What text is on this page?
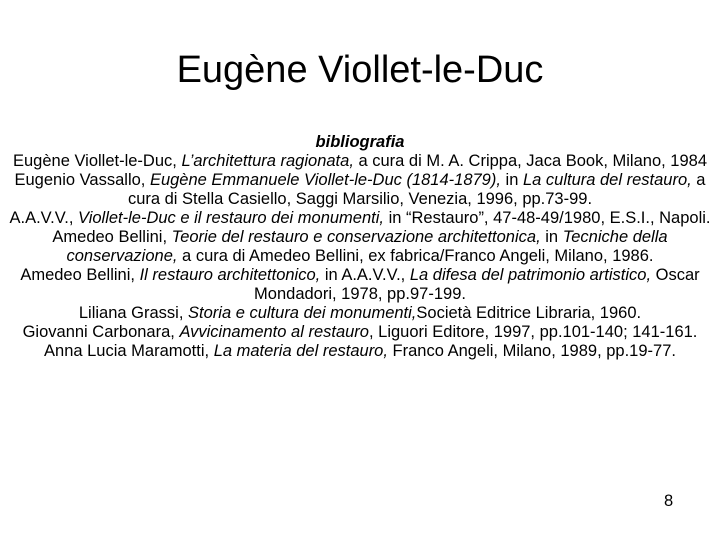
Eugène Viollet-le-Duc
bibliografia
Eugène Viollet-le-Duc, L’architettura ragionata, a cura di M. A. Crippa, Jaca Book, Milano, 1984
Eugenio Vassallo, Eugène Emmanuele Viollet-le-Duc (1814-1879), in La cultura del restauro, a cura di Stella Casiello, Saggi Marsilio, Venezia, 1996, pp.73-99.
A.A.V.V., Viollet-le-Duc e il restauro dei monumenti, in “Restauro”, 47-48-49/1980, E.S.I., Napoli.
Amedeo Bellini, Teorie del restauro e conservazione architettonica, in Tecniche della conservazione, a cura di Amedeo Bellini, ex fabrica/Franco Angeli, Milano, 1986.
Amedeo Bellini, Il restauro architettonico, in A.A.V.V., La difesa del patrimonio artistico, Oscar Mondadori, 1978, pp.97-199.
Liliana Grassi, Storia e cultura dei monumenti,Società Editrice Libraria, 1960.
Giovanni Carbonara, Avvicinamento al restauro, Liguori Editore, 1997, pp.101-140; 141-161.
Anna Lucia Maramotti, La materia del restauro, Franco Angeli, Milano, 1989, pp.19-77.
8
